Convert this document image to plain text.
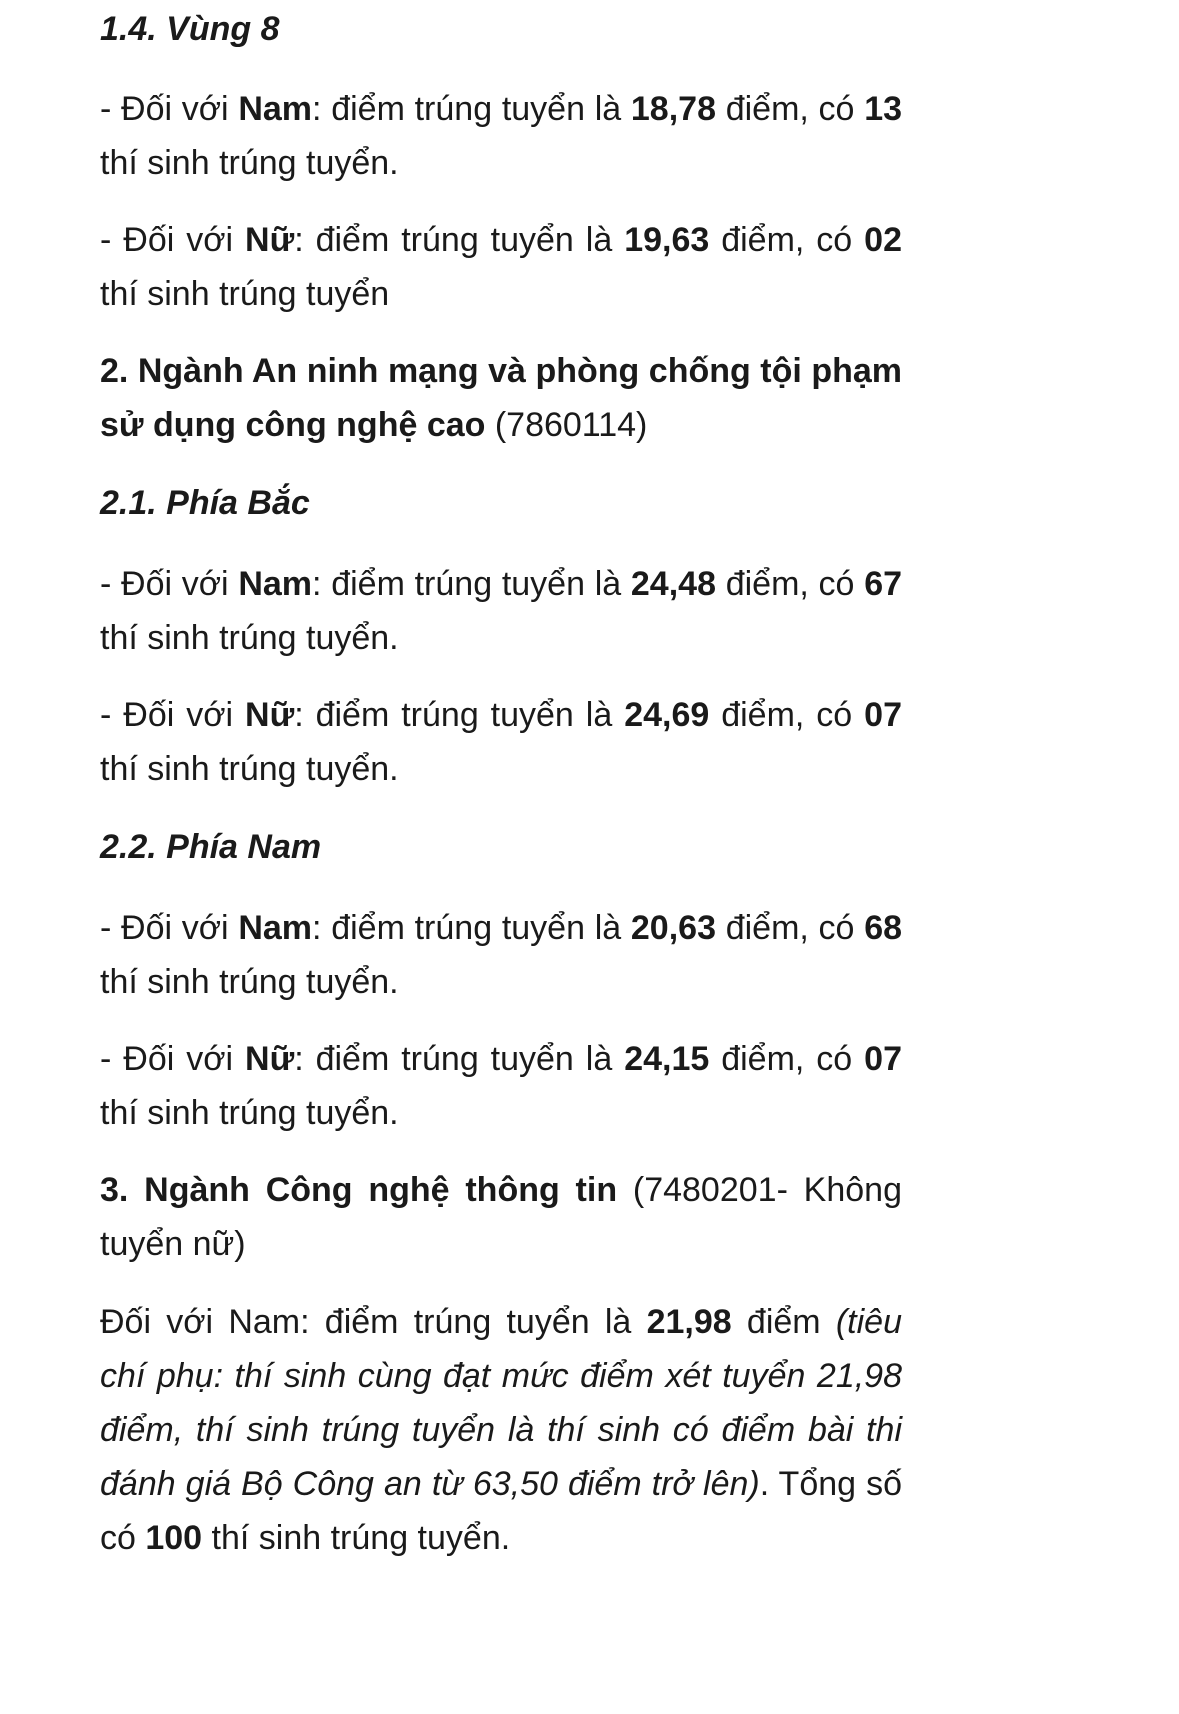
1.4. Vùng 8

- Đối với Nam: điểm trúng tuyển là 18,78 điểm, có 13 thí sinh trúng tuyển.

- Đối với Nữ: điểm trúng tuyển là 19,63 điểm, có 02 thí sinh trúng tuyển

2. Ngành An ninh mạng và phòng chống tội phạm sử dụng công nghệ cao (7860114)

2.1. Phía Bắc

- Đối với Nam: điểm trúng tuyển là 24,48 điểm, có 67 thí sinh trúng tuyển.

- Đối với Nữ: điểm trúng tuyển là 24,69 điểm, có 07 thí sinh trúng tuyển.

2.2. Phía Nam

- Đối với Nam: điểm trúng tuyển là 20,63 điểm, có 68 thí sinh trúng tuyển.

- Đối với Nữ: điểm trúng tuyển là 24,15 điểm, có 07 thí sinh trúng tuyển.

3. Ngành Công nghệ thông tin (7480201- Không tuyển nữ)

Đối với Nam: điểm trúng tuyển là 21,98 điểm (tiêu chí phụ: thí sinh cùng đạt mức điểm xét tuyển 21,98 điểm, thí sinh trúng tuyển là thí sinh có điểm bài thi đánh giá Bộ Công an từ 63,50 điểm trở lên). Tổng số có 100 thí sinh trúng tuyển.
